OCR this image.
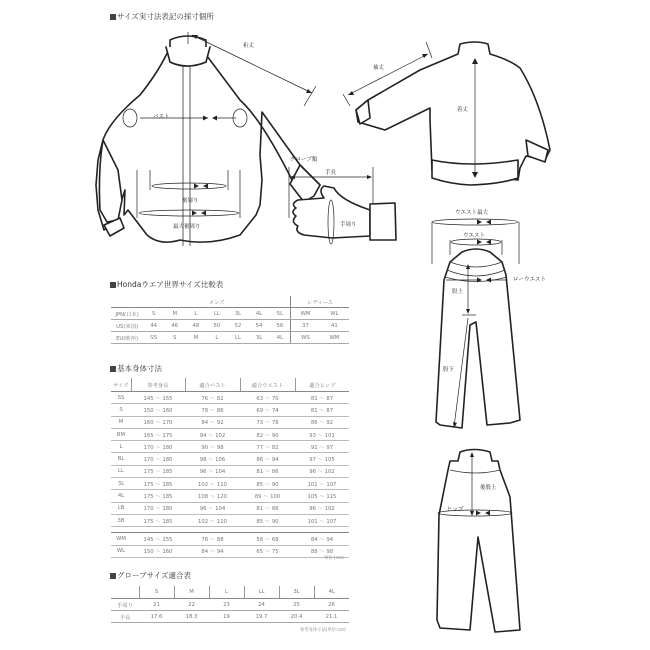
サイズ実寸法表記の採寸個所
裄丈
バスト
裾周り
最大裾周り
袖丈
着丈
グローブ類
手長
手周り
ウエスト最大
ウエスト
ローウエスト
股上
股下
後股上
ヒップ
Hondaウエア世界サイズ比較表
	メンズ							レディース	
JPN(日本)	S	M	L	LL	3L	4L	5L	WM	WL
US(米国)	44	46	48	50	52	54	56	37	41
EU(欧州)	SS	S	M	L	LL	3L	4L	WS	WM
基本身体寸法
サイズ	参考身長	適合バスト	適合ウエスト	適合ヒップ
SS	145 ～ 155	76 ～ 82	63 ～ 70	81 ～ 87
S	150 ～ 160	78 ～ 86	69 ～ 74	81 ～ 87
M	160 ～ 170	84 ～ 92	73 ～ 78	86 ～ 92
BM	165 ～ 175	94 ～ 102	82 ～ 90	93 ～ 101
L	170 ～ 180	90 ～ 98	77 ～ 82	91 ～ 97
BL	170 ～ 180	98 ～ 106	86 ～ 94	97 ～ 105
LL	175 ～ 185	96 ～ 104	81 ～ 86	96 ～ 102
3L	175 ～ 185	102 ～ 110	85 ～ 90	101 ～ 107
4L	175 ～ 185	108 ～ 120	89 ～ 100	105 ～ 115
LB	170 ～ 180	96 ～ 104	81 ～ 86	96 ～ 102
3B	175 ～ 185	102 ～ 110	85 ～ 90	101 ～ 107

WM	145 ～ 155	78 ～ 88	58 ～ 68	84 ～ 94
WL	150 ～ 160	84 ～ 94	65 ～ 75	88 ～ 98
単位 (cm)
グローブサイズ適合表
	S	M	L	LL	3L	4L
手周り	21	22	23	24	25	26
手長	17.6	18.3	19	19.7	20.4	21.1
参考身体寸法(単位:cm)
